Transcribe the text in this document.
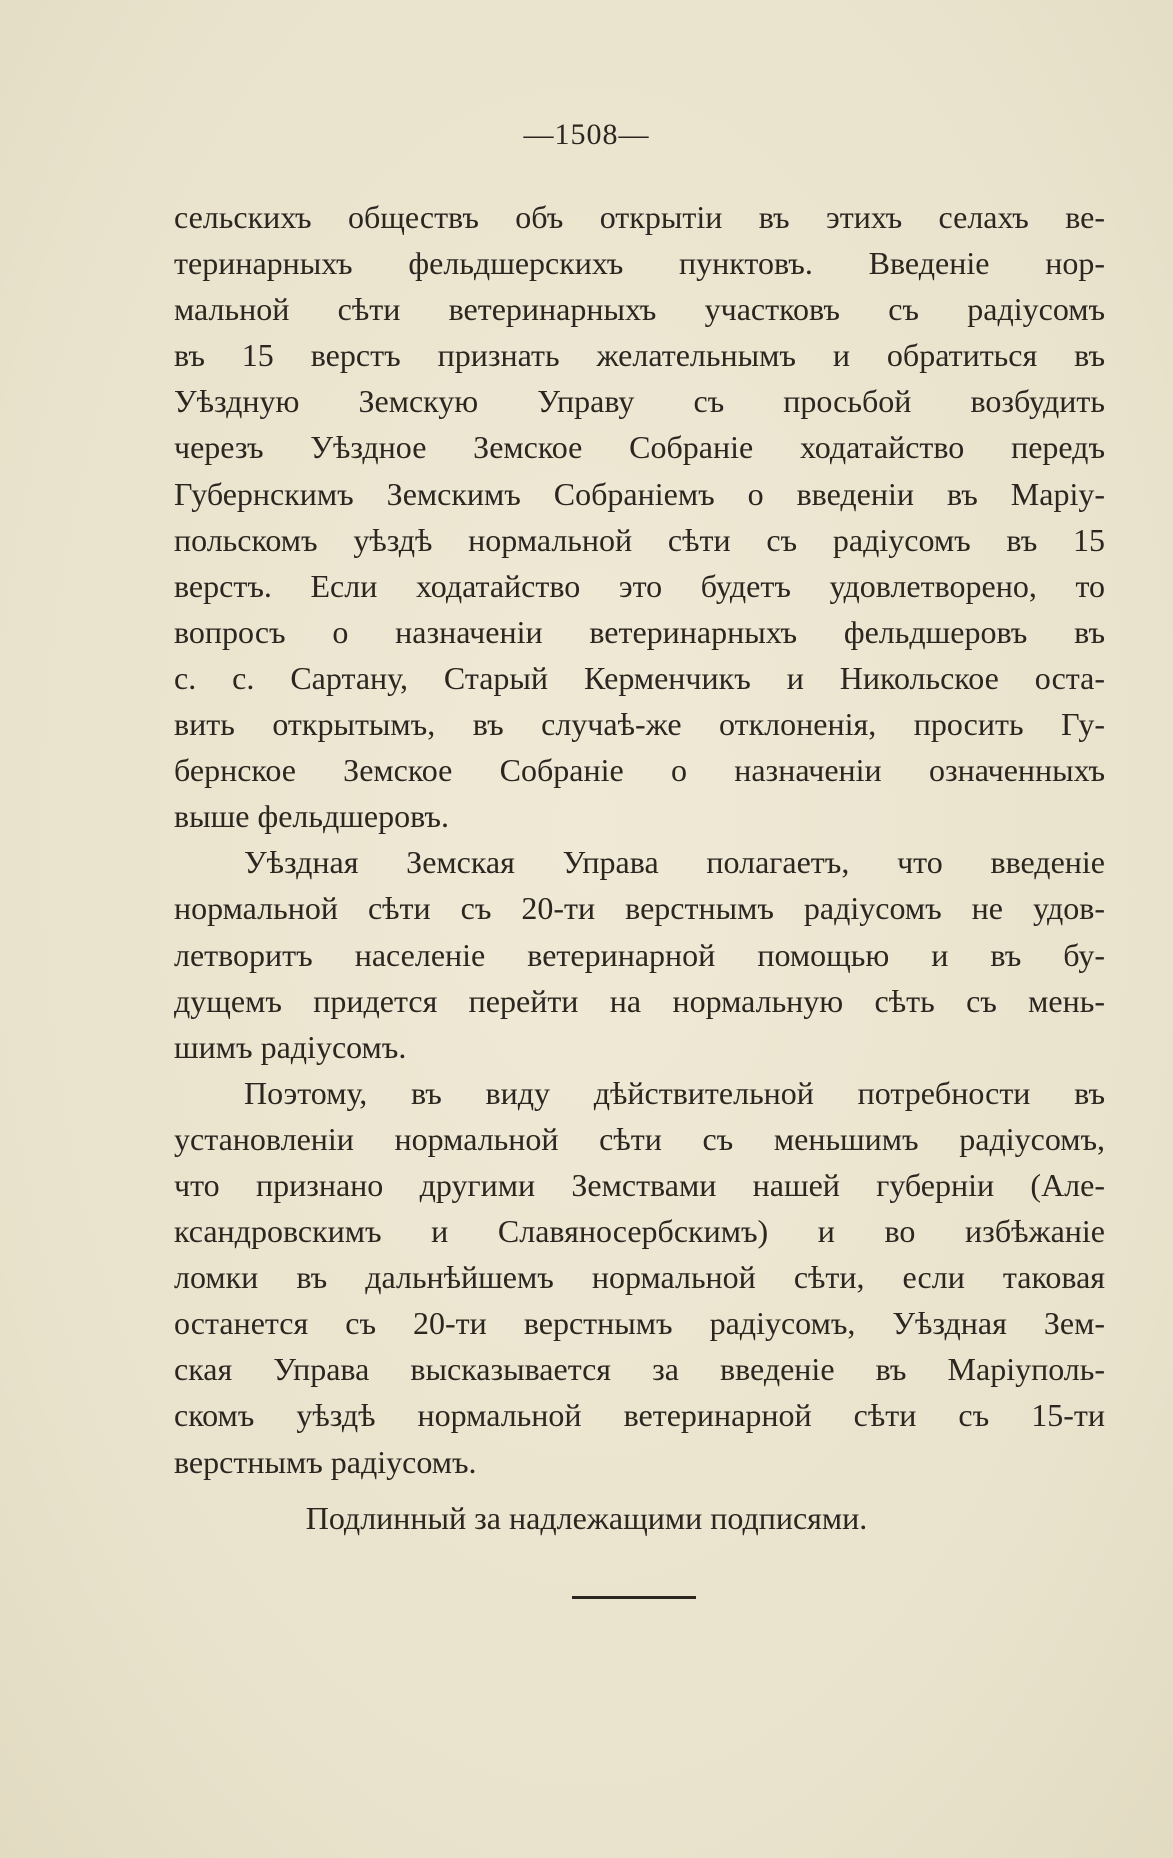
—1508—
сельскихъ обществъ объ открытіи въ этихъ селахъ ве-
теринарныхъ фельдшерскихъ пунктовъ. Введеніе нор-
мальной сѣти ветеринарныхъ участковъ съ радіусомъ
въ 15 верстъ признать желательнымъ и обратиться въ
Уѣздную Земскую Управу съ просьбой возбудить
черезъ Уѣздное Земское Собраніе ходатайство передъ
Губернскимъ Земскимъ Собраніемъ о введеніи въ Маріу-
польскомъ уѣздѣ нормальной сѣти съ радіусомъ въ 15
верстъ. Если ходатайство это будетъ удовлетворено, то
вопросъ о назначеніи ветеринарныхъ фельдшеровъ въ
с. с. Сартану, Старый Керменчикъ и Никольское оста-
вить открытымъ, въ случаѣ-же отклоненія, просить Гу-
бернское Земское Собраніе о назначеніи означенныхъ
выше фельдшеровъ.
Уѣздная Земская Управа полагаетъ, что введеніе
нормальной сѣти съ 20-ти верстнымъ радіусомъ не удов-
летворитъ населеніе ветеринарной помощью и въ бу-
дущемъ придется перейти на нормальную сѣть съ мень-
шимъ радіусомъ.
Поэтому, въ виду дѣйствительной потребности въ
установленіи нормальной сѣти съ меньшимъ радіусомъ,
что признано другими Земствами нашей губерніи (Але-
ксандровскимъ и Славяносербскимъ) и во избѣжаніе
ломки въ дальнѣйшемъ нормальной сѣти, если таковая
останется съ 20-ти верстнымъ радіусомъ, Уѣздная Зем-
ская Управа высказывается за введеніе въ Маріуполь-
скомъ уѣздѣ нормальной ветеринарной сѣти съ 15-ти
верстнымъ радіусомъ.
Подлинный за надлежащими подписями.
